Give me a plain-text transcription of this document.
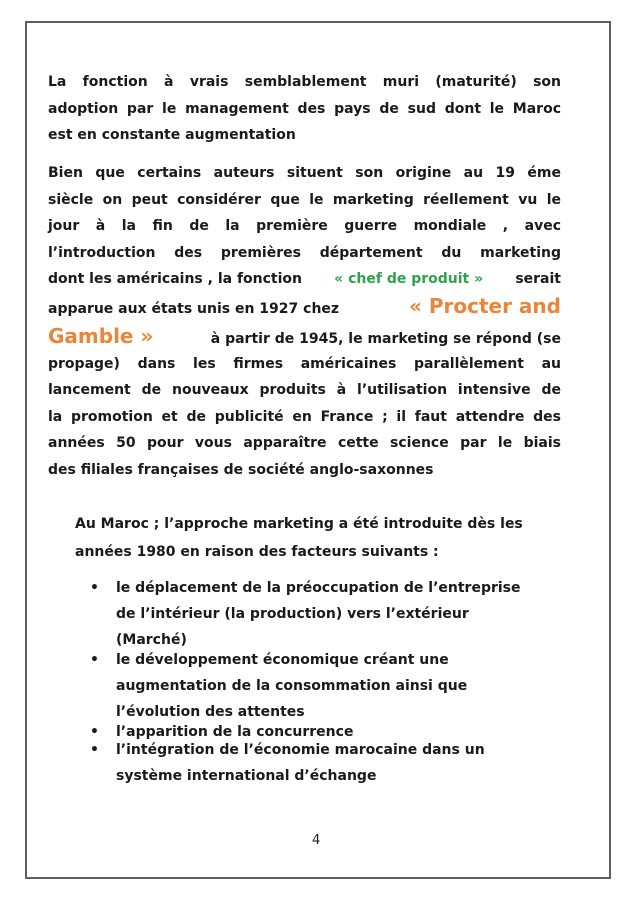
La fonction à vrais semblablement muri (maturité) son
adoption par le management des pays de sud dont le Maroc
est en constante augmentation
Bien que certains auteurs situent son origine au 19 éme
siècle on peut considérer que le marketing réellement vu le
jour à la fin de la première guerre mondiale , avec
l’introduction des premières département du marketing
dont les américains , la fonction « chef de produit » serait
apparue aux états unis en 1927 chez	« Procter and
Gamble »	à partir de 1945, le marketing se répond (se
propage) dans les firmes américaines parallèlement au
lancement de nouveaux produits à l’utilisation intensive de
la promotion et de publicité en France ; il faut attendre des
années 50 pour vous apparaître cette science par le biais
des filiales françaises de société anglo-saxonnes
Au Maroc ; l’approche marketing a été introduite dès les
années 1980 en raison des facteurs suivants :
• le déplacement de la préoccupation de l’entreprise
de l’intérieur (la production) vers l’extérieur
(Marché)
• le développement économique créant une
augmentation de la consommation ainsi que
l’évolution des attentes
• l’apparition de la concurrence
• l’intégration de l’économie marocaine dans un
système international d’échange
4
